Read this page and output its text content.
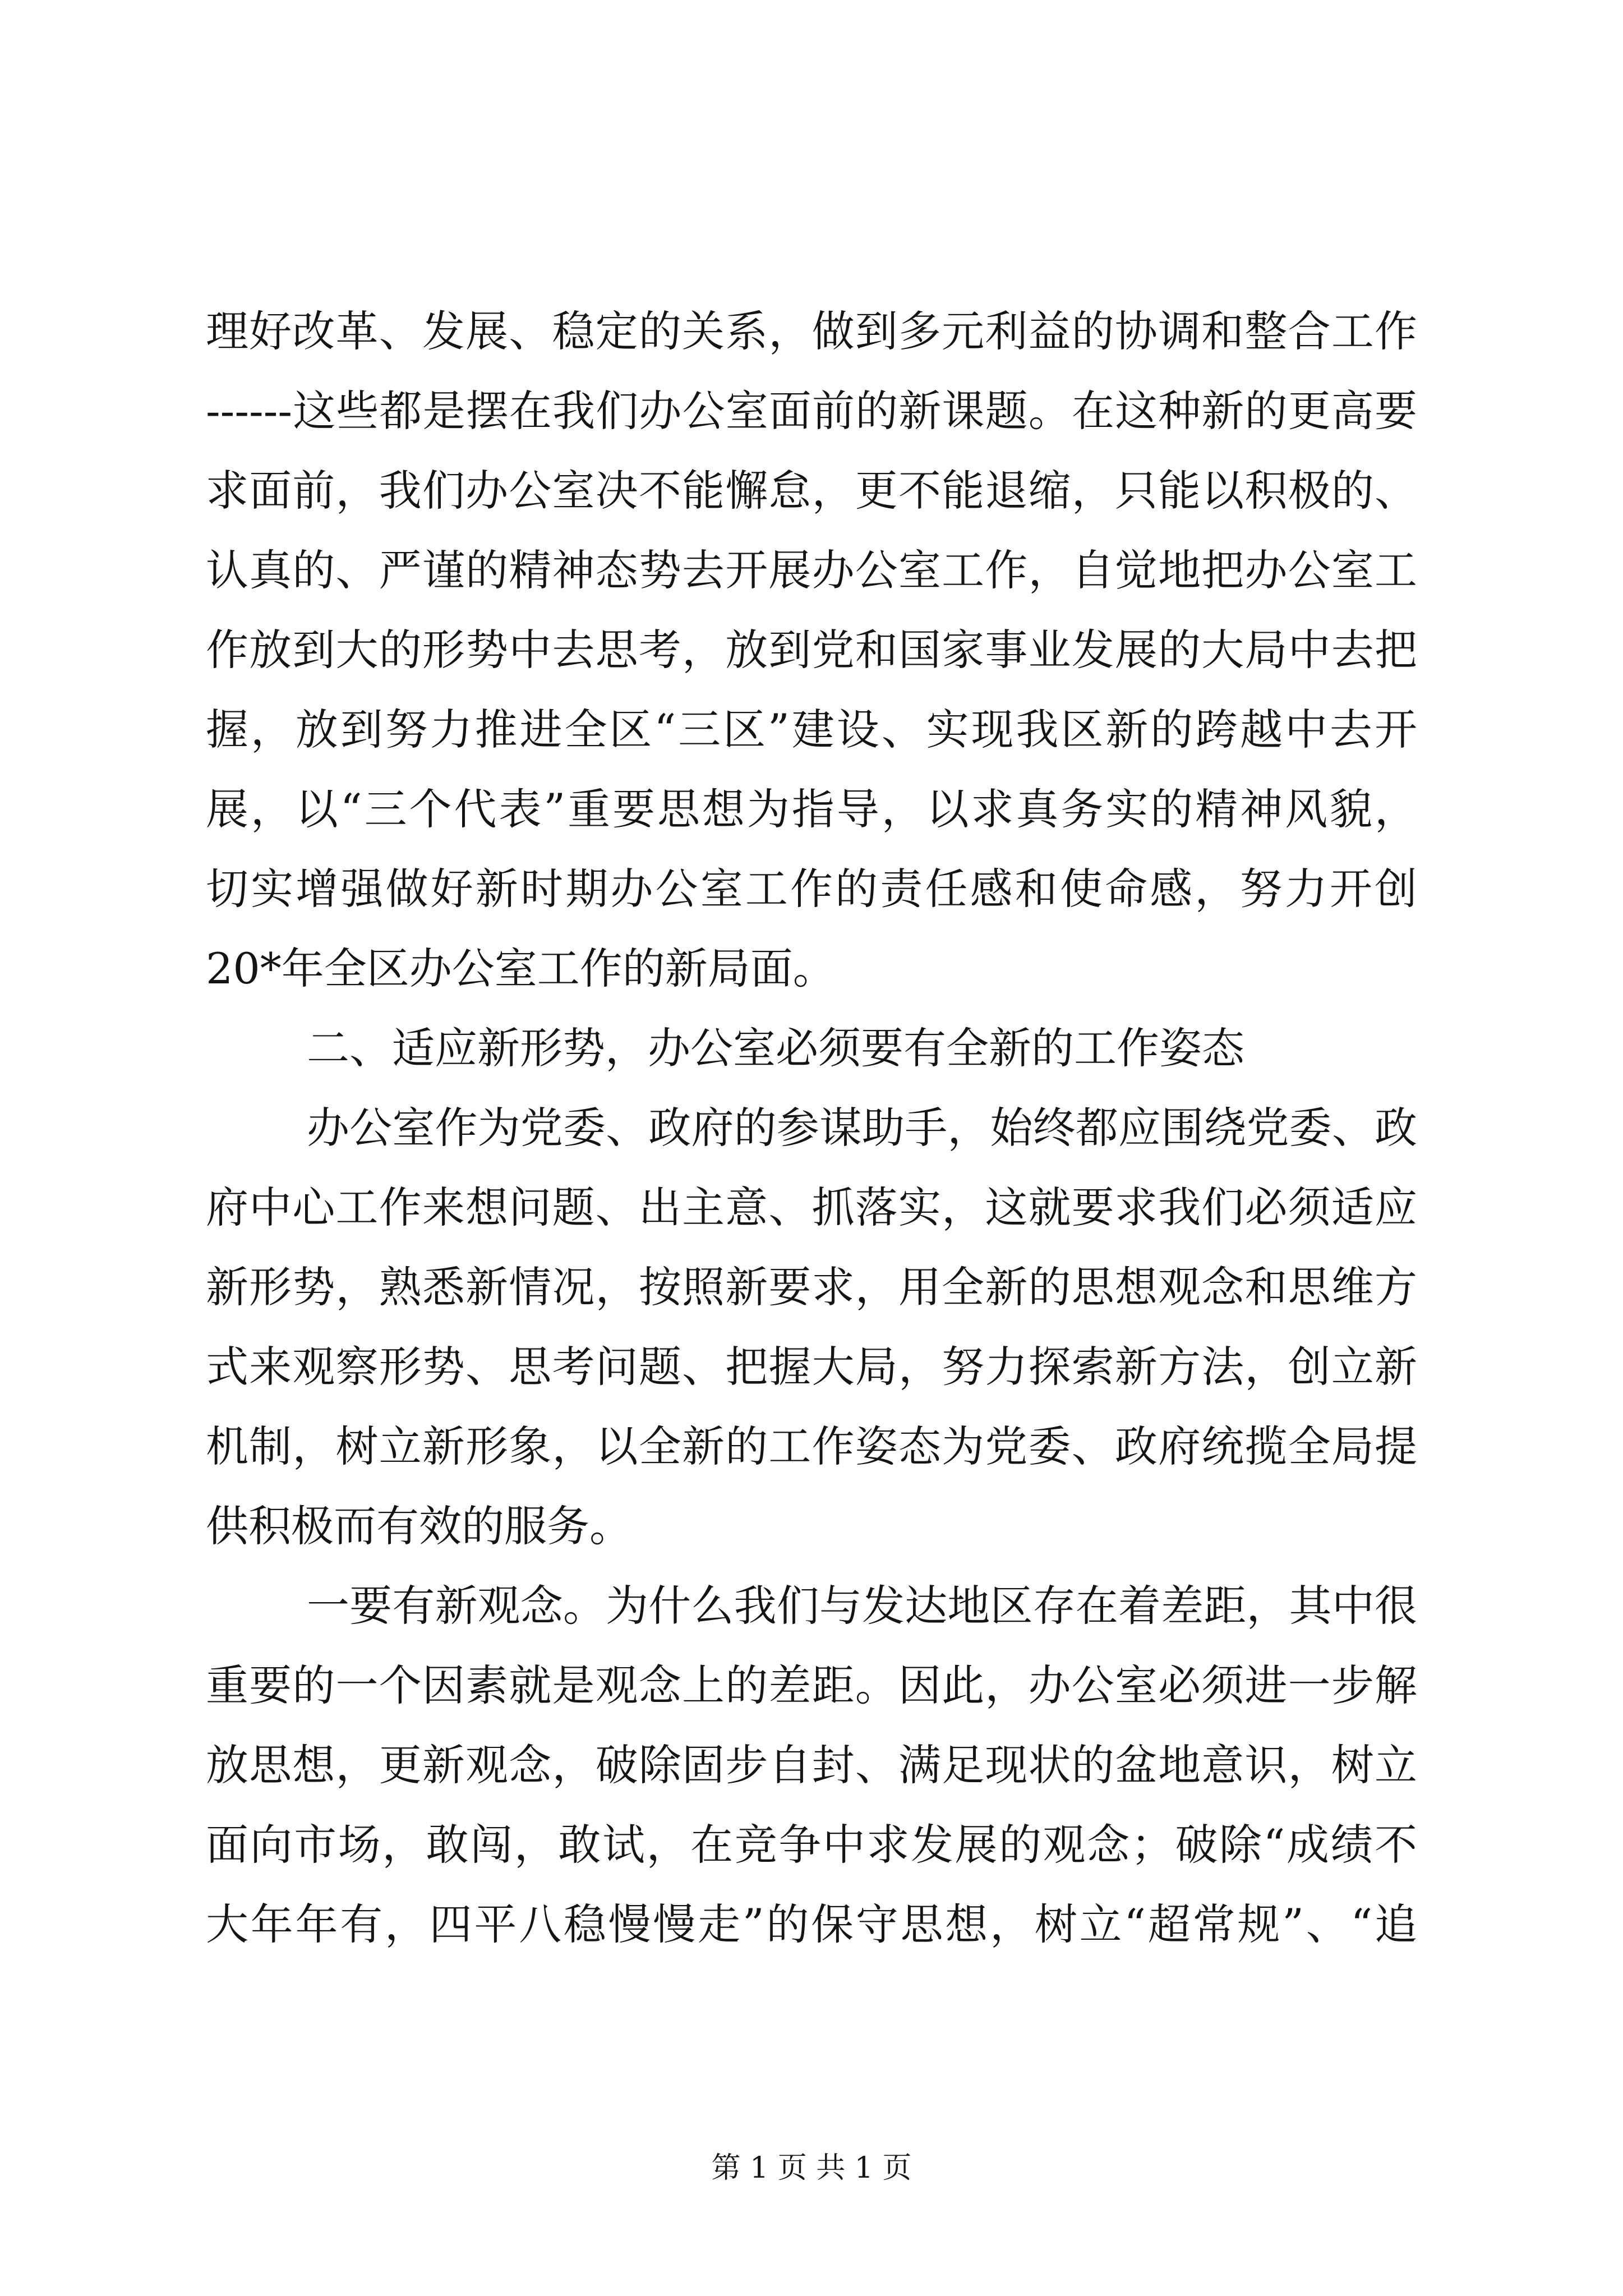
理好改革、发展、稳定的关系，做到多元利益的协调和整合工作
------这些都是摆在我们办公室面前的新课题。在这种新的更高要
求面前，我们办公室决不能懈怠，更不能退缩，只能以积极的、
认真的、严谨的精神态势去开展办公室工作，自觉地把办公室工
作放到大的形势中去思考，放到党和国家事业发展的大局中去把
握，放到努力推进全区“三区”建设、实现我区新的跨越中去开
展，以“三个代表”重要思想为指导，以求真务实的精神风貌，
切实增强做好新时期办公室工作的责任感和使命感，努力开创
20*年全区办公室工作的新局面。
二、适应新形势，办公室必须要有全新的工作姿态
办公室作为党委、政府的参谋助手，始终都应围绕党委、政
府中心工作来想问题、出主意、抓落实，这就要求我们必须适应
新形势，熟悉新情况，按照新要求，用全新的思想观念和思维方
式来观察形势、思考问题、把握大局，努力探索新方法，创立新
机制，树立新形象，以全新的工作姿态为党委、政府统揽全局提
供积极而有效的服务。
一要有新观念。为什么我们与发达地区存在着差距，其中很
重要的一个因素就是观念上的差距。因此，办公室必须进一步解
放思想，更新观念，破除固步自封、满足现状的盆地意识，树立
面向市场，敢闯，敢试，在竞争中求发展的观念；破除“成绩不
大年年有，四平八稳慢慢走”的保守思想，树立“超常规”、“追
第 1 页 共 1 页
